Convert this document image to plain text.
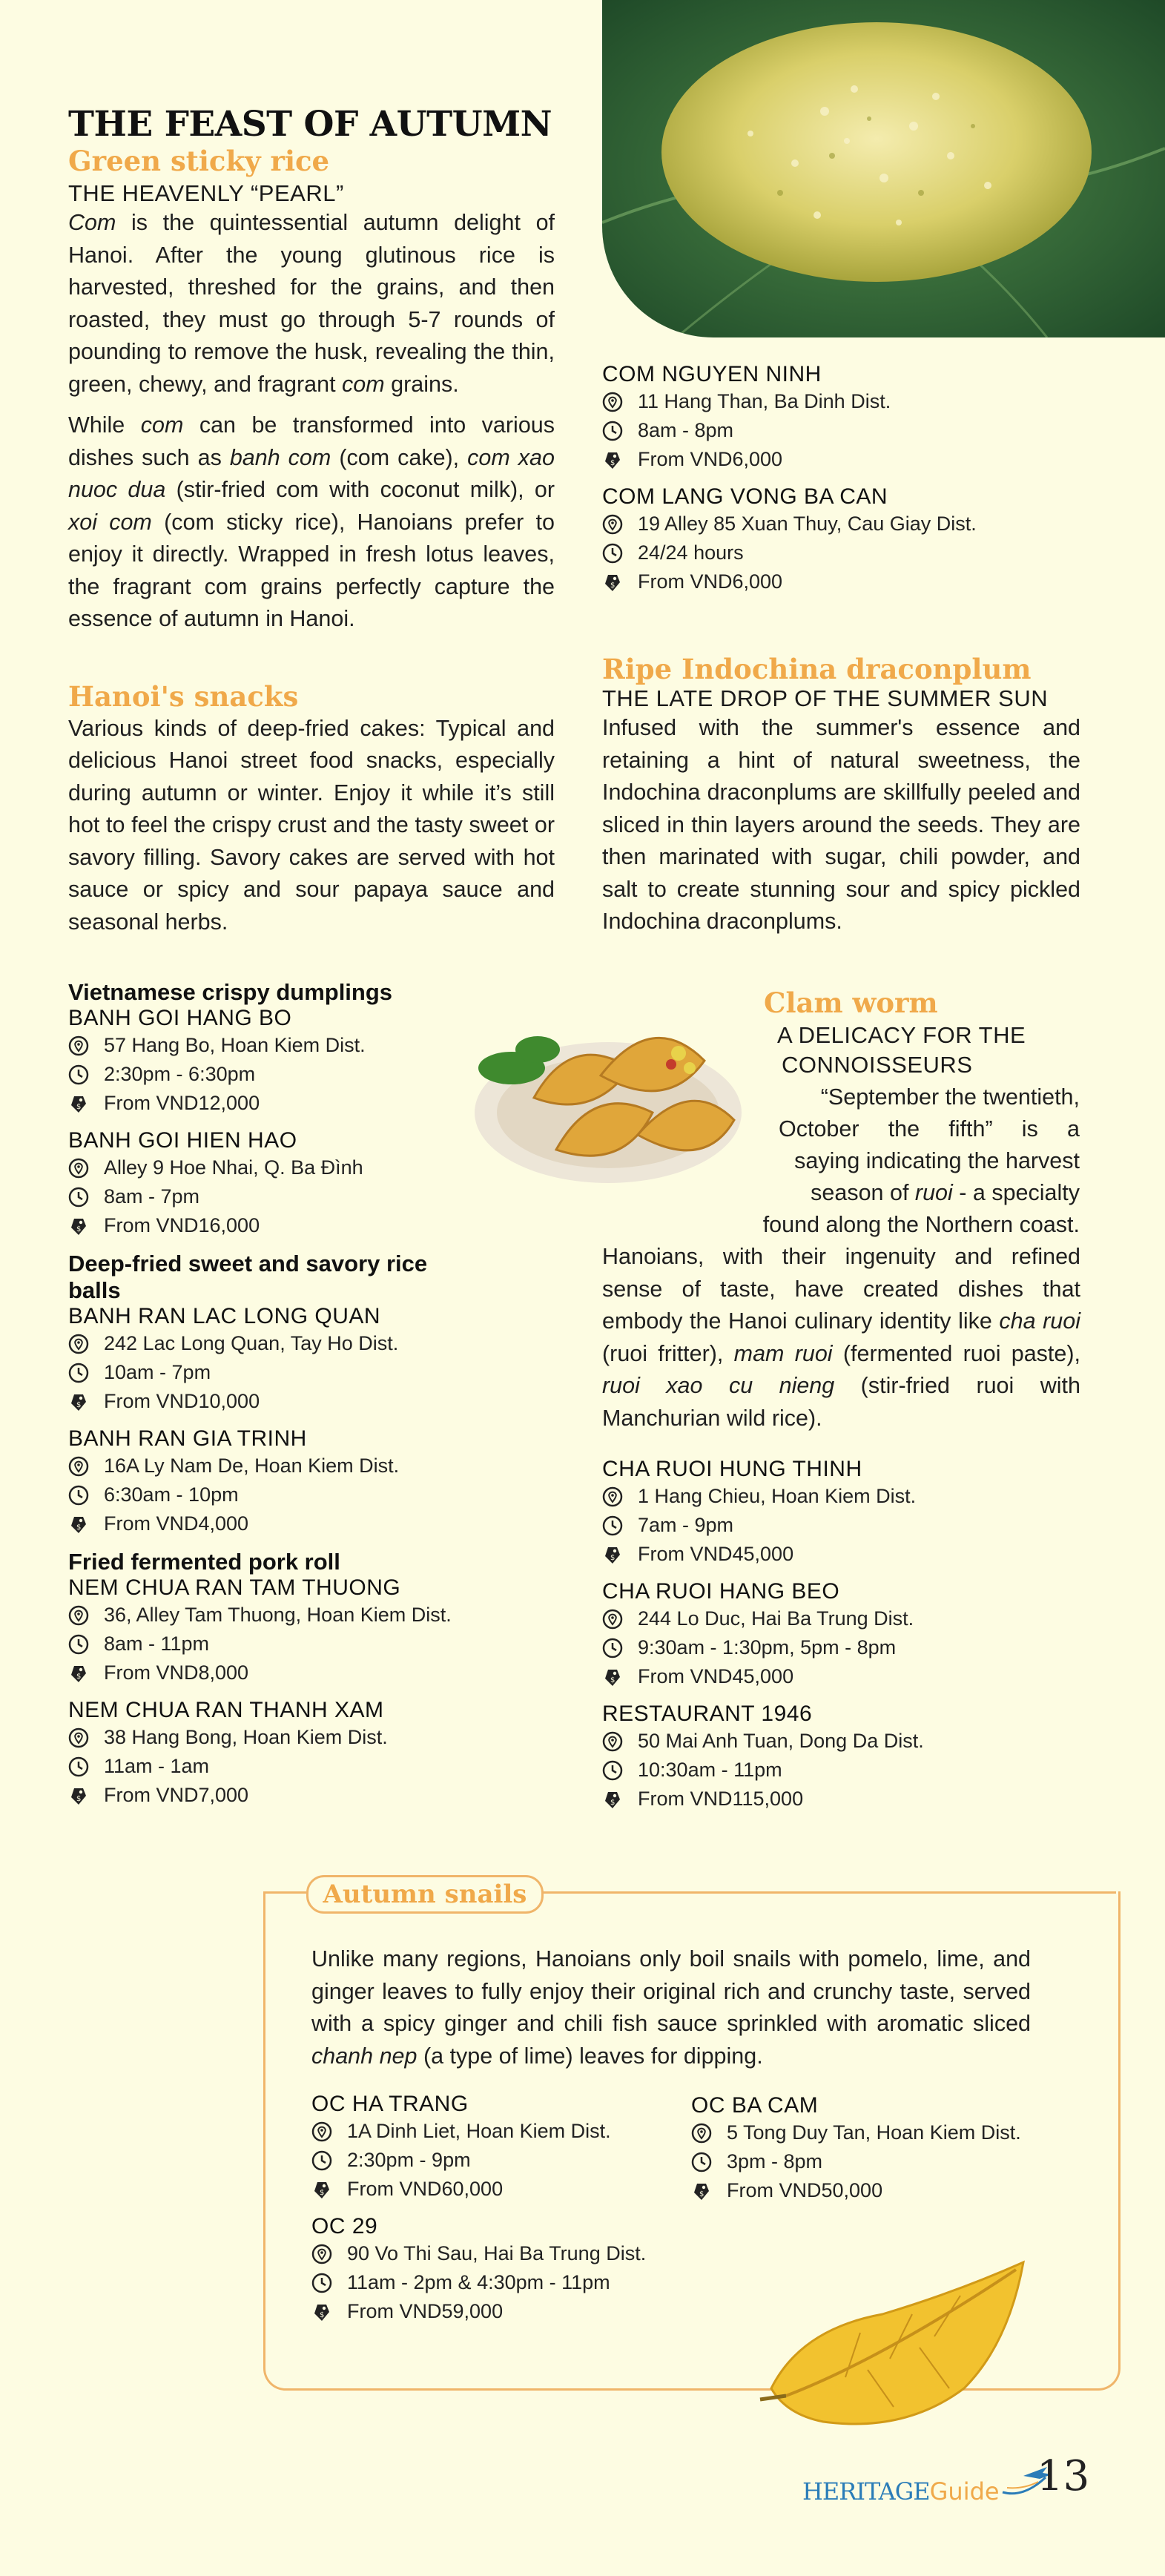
THE FEAST OF AUTUMN
Green sticky rice
THE HEAVENLY “PEARL”

Com is the quintessential autumn delight of Hanoi. After the young glutinous rice is harvested, threshed for the grains, and then roasted, they must go through 5-7 rounds of pounding to remove the husk, revealing the thin, green, chewy, and fragrant com grains.

While com can be transformed into various dishes such as banh com (com cake), com xao nuoc dua (stir-fried com with coconut milk), or xoi com (com sticky rice), Hanoians prefer to enjoy it directly. Wrapped in fresh lotus leaves, the fragrant com grains perfectly capture the essence of autumn in Hanoi.

Hanoi's snacks

Various kinds of deep-fried cakes: Typical and delicious Hanoi street food snacks, especially during autumn or winter. Enjoy it while it’s still hot to feel the crispy crust and the tasty sweet or savory filling. Savory cakes are served with hot sauce or spicy and sour papaya sauce and seasonal herbs.

Vietnamese crispy dumplings
BANH GOI HANG BO
57 Hang Bo, Hoan Kiem Dist.
2:30pm - 6:30pm
$ From VND12,000
BANH GOI HIEN HAO
Alley 9 Hoe Nhai, Q. Ba Đình
8am - 7pm
$ From VND16,000
Deep-fried sweet and savory rice balls
BANH RAN LAC LONG QUAN
242 Lac Long Quan, Tay Ho Dist.
10am - 7pm
$ From VND10,000
BANH RAN GIA TRINH
16A Ly Nam De, Hoan Kiem Dist.
6:30am - 10pm
$ From VND4,000
Fried fermented pork roll
NEM CHUA RAN TAM THUONG
36, Alley Tam Thuong, Hoan Kiem Dist.
8am - 11pm
$ From VND8,000
NEM CHUA RAN THANH XAM
38 Hang Bong, Hoan Kiem Dist.
11am - 1am
$ From VND7,000
COM NGUYEN NINH
11 Hang Than, Ba Dinh Dist.
8am - 8pm
$ From VND6,000
COM LANG VONG BA CAN
19 Alley 85 Xuan Thuy, Cau Giay Dist.
24/24 hours
$ From VND6,000
Ripe Indochina draconplum
THE LATE DROP OF THE SUMMER SUN

Infused with the summer's essence and retaining a hint of natural sweetness, the Indochina draconplums are skillfully peeled and sliced in thin layers around the seeds. They are then marinated with sugar, chili powder, and salt to create stunning sour and spicy pickled Indochina draconplums.

Clam worm
A DELICACY FOR THE
CONNOISSEURS
“September the twentieth,
October the fifth” is a
saying indicating the harvest
season of ruoi - a specialty
found along the Northern coast.

Hanoians, with their ingenuity and refined sense of taste, have created dishes that embody the Hanoi culinary identity like cha ruoi (ruoi fritter), mam ruoi (fermented ruoi paste), ruoi xao cu nieng (stir-fried ruoi with Manchurian wild rice).

CHA RUOI HUNG THINH
1 Hang Chieu, Hoan Kiem Dist.
7am - 9pm
$ From VND45,000
CHA RUOI HANG BEO
244 Lo Duc, Hai Ba Trung Dist.
9:30am - 1:30pm, 5pm - 8pm
$ From VND45,000
RESTAURANT 1946
50 Mai Anh Tuan, Dong Da Dist.
10:30am - 11pm
$ From VND115,000
Autumn snails

Unlike many regions, Hanoians only boil snails with pomelo, lime, and ginger leaves to fully enjoy their original rich and crunchy taste, served with a spicy ginger and chili fish sauce sprinkled with aromatic sliced chanh nep (a type of lime) leaves for dipping.

OC HA TRANG
1A Dinh Liet, Hoan Kiem Dist.
2:30pm - 9pm
$ From VND60,000
OC 29
90 Vo Thi Sau, Hai Ba Trung Dist.
11am - 2pm & 4:30pm - 11pm
$ From VND59,000
OC BA CAM
5 Tong Duy Tan, Hoan Kiem Dist.
3pm - 8pm
$ From VND50,000
HERITAGE Guide 13
